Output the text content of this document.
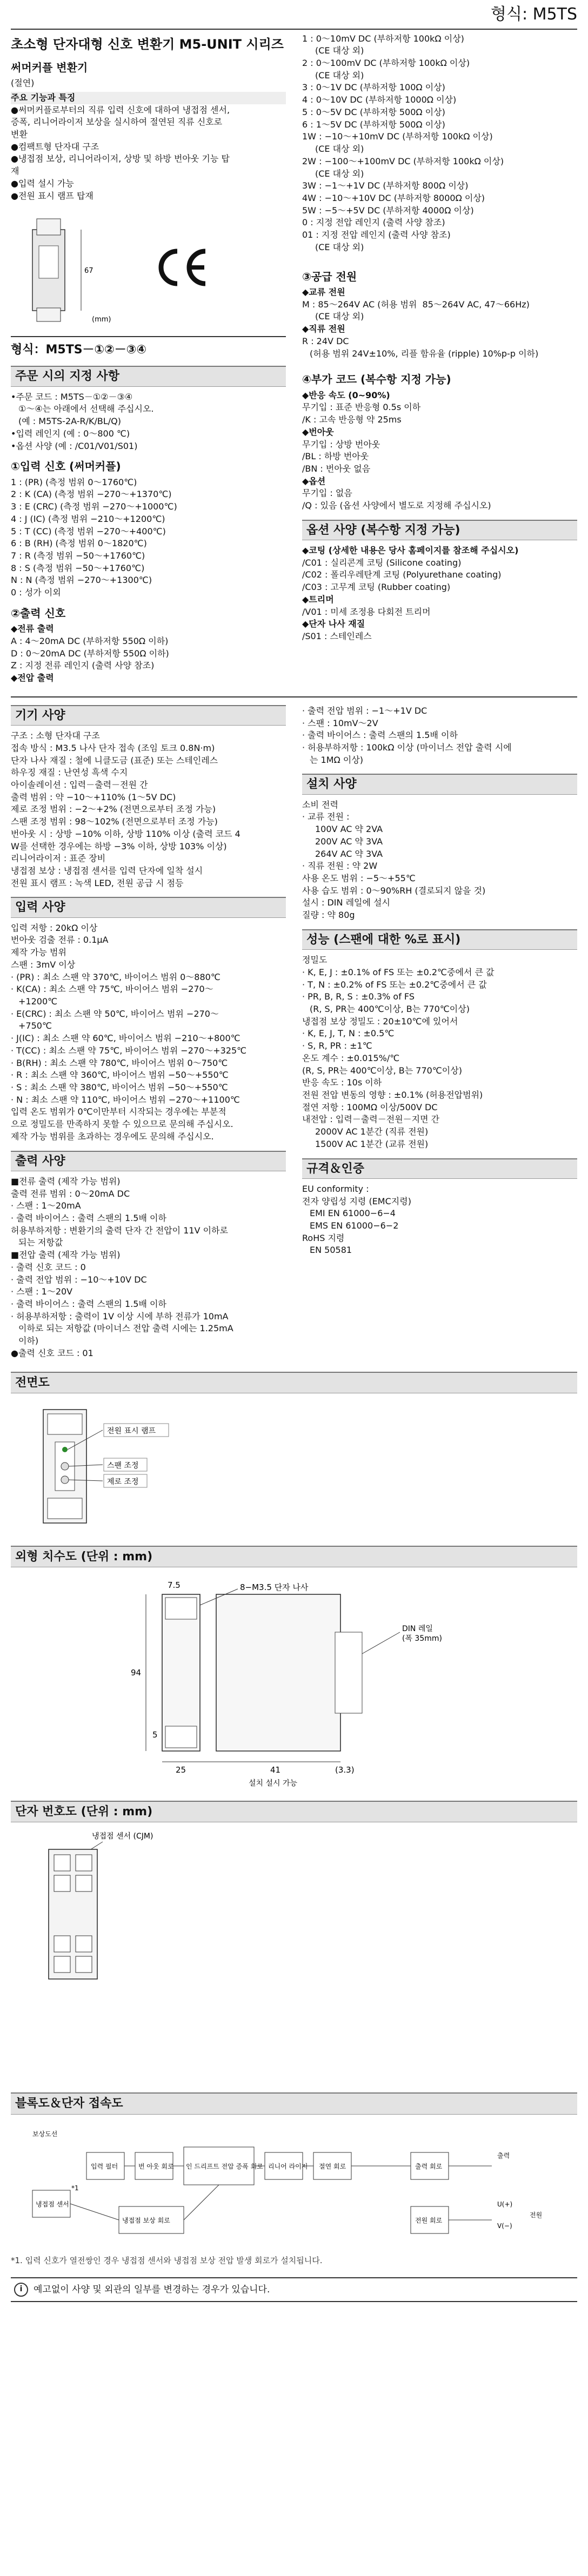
형식: M5TS
초소형 단자대형 신호 변환기 M5-UNIT 시리즈
써머커플 변환기
(절연)
주요 기능과 특징

●써머커플로부터의 직류 입력 신호에 대하여 냉접점 센서,

증폭, 리니어라이저 보상을 실시하여 절연된 직류 신호로

변환

●컴팩트형 단자대 구조

●냉접점 보상, 리니어라이저, 상방 및 하방 번아웃 기능 탑

재

●입력 설시 가능

●전원 표시 램프 탑재

67
(mm)
형식：M5TS－①②－③④
주문 시의 지정 사항

•주문 코드 : M5TS－①②－③④

①～④는 아래에서 선택해 주십시오.

(예 : M5TS-2A-R/K/BL/Q)

•입력 레인지 (예 : 0～800 ℃)

•옵션 사양 (예 : /C01/V01/S01)

①입력 신호 (써머커플)

1 : (PR) (측정 범위 0～1760℃)

2 : K (CA) (측정 범위 −270～+1370℃)

3 : E (CRC) (측정 범위 −270～+1000℃)

4 : J (IC) (측정 범위 −210～+1200℃)

5 : T (CC) (측정 범위 −270～+400℃)

6 : B (RH) (측정 범위 0～1820℃)

7 : R (측정 범위 −50～+1760℃)

8 : S (측정 범위 −50～+1760℃)

N : N (측정 범위 −270～+1300℃)

0 : 성가 이외

②출력 신호

◆전류 출력

A : 4～20mA DC (부하저항 550Ω 이하)

D : 0～20mA DC (부하저항 550Ω 이하)

Z : 지정 전류 레인지 (출력 사양 참조)

◆전압 출력

1 : 0～10mV DC (부하저항 100kΩ 이상)

(CE 대상 외)

2 : 0～100mV DC (부하저항 100kΩ 이상)

(CE 대상 외)

3 : 0～1V DC (부하저항 100Ω 이상)

4 : 0～10V DC (부하저항 1000Ω 이상)

5 : 0～5V DC (부하저항 500Ω 이상)

6 : 1～5V DC (부하저항 500Ω 이상)

1W : −10～+10mV DC (부하저항 100kΩ 이상)

(CE 대상 외)

2W : −100～+100mV DC (부하저항 100kΩ 이상)

(CE 대상 외)

3W : −1～+1V DC (부하저항 800Ω 이상)

4W : −10～+10V DC (부하저항 8000Ω 이상)

5W : −5～+5V DC (부하저항 4000Ω 이상)

0 : 지정 전압 레인지 (출력 사양 참조)

01 : 지정 전압 레인지 (출력 사양 참조)

(CE 대상 외)

③공급 전원

◆교류 전원

M : 85～264V AC (허용 범위  85～264V AC, 47～66Hz)

(CE 대상 외)

◆직류 전원

R : 24V DC

(허용 범위 24V±10%, 리플 함유율 (ripple) 10%p-p 이하)

④부가 코드 (복수항 지정 가능)

◆반응 속도 (0~90%)

무기입 : 표준 반응형 0.5s 이하

/K : 고속 반응형 약 25ms

◆번아웃

무기입 : 상방 번아웃

/BL : 하방 번아웃

/BN : 번아웃 없음

◆옵션

무기입 : 없음

/Q : 있음 (옵션 사양에서 별도로 지정해 주십시오)

옵션 사양 (복수항 지정 가능)

◆코팅 (상세한 내용은 당사 홈페이지를 참조해 주십시오)

/C01 : 실리콘계 코팅 (Silicone coating)

/C02 : 폴리우레탄계 코팅 (Polyurethane coating)

/C03 : 고무계 코팅 (Rubber coating)

◆트리머

/V01 : 미세 조정용 다회전 트리머

◆단자 나사 재질

/S01 : 스테인레스

기기 사양

구조 : 소형 단자대 구조

접속 방식 : M3.5 나사 단자 접속 (조임 토크 0.8N·m)

단자 나사 재질 : 철에 니클도금 (표준) 또는 스테인레스

하우징 재질 : 난연성 흑색 수지

아이솔레이션 : 입력－출력－전원 간

출력 범위 : 약 −10～+110% (1～5V DC)

제로 조정 범위 : −2～+2% (전면으로부터 조정 가능)

스팬 조정 범위 : 98～102% (전면으로부터 조정 가능)

번아웃 시 : 상방 −10% 이하, 상방 110% 이상 (출력 코드 4

W를 선택한 경우에는 하방 −3% 이하, 상방 103% 이상)

리니어라이저 : 표준 장비

냉접점 보상 : 냉접점 센서를 입력 단자에 일착 설시

전원 표시 램프 : 녹색 LED, 전원 공급 시 점등

입력 사양

입력 저항 : 20kΩ 이상

번아웃 검출 전류 : 0.1μA

제작 가능 범위

스팬 : 3mV 이상

· (PR) : 최소 스팬 약 370℃, 바이어스 범위 0～880℃

· K(CA) : 최소 스팬 약 75℃, 바이어스 범위 −270～

+1200℃

· E(CRC) : 최소 스팬 약 50℃, 바이어스 범위 −270～

+750℃

· J(IC) : 최소 스팬 약 60℃, 바이어스 범위 −210～+800℃

· T(CC) : 최소 스팬 약 75℃, 바이어스 범위 −270～+325℃

· B(RH) : 최소 스팬 약 780℃, 바이어스 범위 0～750℃

· R : 최소 스팬 약 360℃, 바이어스 범위 −50～+550℃

· S : 최소 스팬 약 380℃, 바이어스 범위 −50～+550℃

· N : 최소 스팬 약 110℃, 바이어스 범위 −270～+1100℃

입력 온도 범위가 0℃이만부터 시작되는 경우에는 부분적

으로 정밀도를 만족하지 못할 수 있으므로 문의해 주십시오.

제작 가능 범위를 초과하는 경우에도 문의해 주십시오.

출력 사양

■전류 출력 (제작 가능 범위)

출력 전류 범위 : 0～20mA DC

· 스팬 : 1～20mA

· 출력 바이어스 : 출력 스팬의 1.5배 이하

허용부하저항 : 변환기의 출력 단자 간 전압이 11V 이하로

되는 저항값

■전압 출력 (제작 가능 범위)

· 출력 신호 코드 : 0

· 출력 전압 범위 : −10～+10V DC

· 스팬 : 1～20V

· 출력 바이어스 : 출력 스팬의 1.5배 이하

· 허용부하저항 : 출력이 1V 이상 시에 부하 전류가 10mA

이하로 되는 저항값 (마이너스 전압 출력 시에는 1.25mA

이하)

●출력 신호 코드 : 01

· 출력 전압 범위 : −1～+1V DC

· 스팬 : 10mV～2V

· 출력 바이어스 : 출력 스팬의 1.5배 이하

· 허용부하저항 : 100kΩ 이상 (마이너스 전압 출력 시에

는 1MΩ 이상)

설치 사양

소비 전력

· 교류 전원 :

100V AC 약 2VA

200V AC 약 3VA

264V AC 약 3VA

· 직류 전원 : 약 2W

사용 온도 범위 : −5～+55℃

사용 습도 범위 : 0～90%RH (결로되지 않을 것)

설시 : DIN 레일에 설시

질량 : 약 80g

성능 (스팬에 대한 %로 표시)

정밀도

· K, E, J : ±0.1% of FS 또는 ±0.2℃중에서 큰 값

· T, N : ±0.2% of FS 또는 ±0.2℃중에서 큰 값

· PR, B, R, S : ±0.3% of FS

(R, S, PR는 400℃이상, B는 770℃이상)

냉접점 보상 정밀도 : 20±10℃에 있어서

· K, E, J, T, N : ±0.5℃

· S, R, PR : ±1℃

온도 계수 : ±0.015%/℃

(R, S, PR는 400℃이상, B는 770℃이상)

반응 속도 : 10s 이하

전원 전압 변동의 영향 : ±0.1% (허용전압범위)

절연 저항 : 100MΩ 이상/500V DC

내전압 : 입력－출력－전원－지면 간

2000V AC 1분간 (직류 전원)

1500V AC 1분간 (교류 전원)

규격＆인증

EU conformity :

전자 양립성 지령 (EMC지령)

EMI EN 61000−6−4

EMS EN 61000−6−2

RoHS 지령

EN 50581

전면도
전원 표시 램프
스팬 조정
제로 조정
외형 치수도 (단위 : mm)
94
7.5	8−M3.5 단자 나사
DIN 레일
(폭 35mm)
5
25	41	(3.3)
설치 설시 가능
단자 번호도 (단위 : mm)
냉접점 센서 (CJM)
블록도＆단자 접속도
보상도선
냉접점 센서
입력 필터	번 아웃 회로 인 드리프트 전압 증폭 회로 리니어 라이저 절연 회로	출력 회로
냉접점 보상 회로	전원 회로
출력
U(+)
V(−)
전원
*1
*1. 입력 신호가 열전쌍인 경우 냉접점 센서와 냉접점 보상 전압 발생 회로가 설치됩니다.
i	예고없이 사양 및 외관의 일부를 변경하는 경우가 있습니다.
